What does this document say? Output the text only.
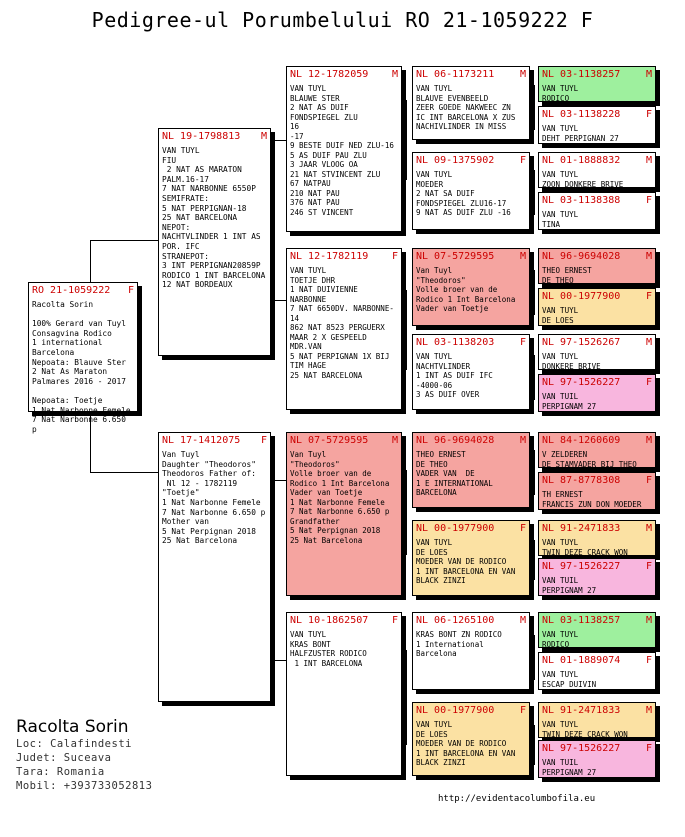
Pedigree-ul Porumbelului RO 21-1059222 F
RO 21-1059222 F
Racolta Sorin

100% Gerard van Tuyl
Consagvina Rodico
1 international
Barcelona
Nepoata: Blauve Ster
2 Nat As Maraton
Palmares 2016 - 2017

Nepoata: Toetje
1 Nat Narbonne Femele
7 Nat Narbonne 6.650 p
NL 19-1798813 M
VAN TUYL
FIU
2 NAT AS MARATON
PALM.16-17
7 NAT NARBONNE 6550P
SEMIFRATE:
5 NAT PERPIGNAN-18
25 NAT BARCELONA
NEPOT:
NACHTVLINDER 1 INT AS
POR. IFC
STRANEPOT:
3 INT PERPIGNAN20859P
RODICO 1 INT BARCELONA
12 NAT BORDEAUX
NL 17-1412075 F
Van Tuyl
Daughter "Theodoros"
Theodoros Father of:
Nl 12 - 1782119
"Toetje"
1 Nat Narbonne Femele
7 Nat Narbonne 6.650 p
Mother van
5 Nat Perpignan 2018
25 Nat Barcelona
NL 12-1782059 M
VAN TUYL
BLAUWE STER
2 NAT AS DUIF
FONDSPIEGEL ZLU
16
-17
9 BESTE DUIF NED ZLU-16
5 AS DUIF PAU ZLU
3 JAAR VLOOG OA
21 NAT STVINCENT ZLU
67 NATPAU
210 NAT PAU
376 NAT PAU
246 ST VINCENT
NL 12-1782119 F
VAN TUYL
TOETJE DHR
1 NAT DUIVIENNE
NARBONNE
7 NAT 6650DV. NARBONNE-
14
862 NAT 8523 PERGUERX
MAAR 2 X GESPEELD
MDR.VAN
5 NAT PERPIGNAN 1X BIJ
TIM HAGE
25 NAT BARCELONA
NL 07-5729595 M
Van Tuyl
"Theodoros"
Volle broer van de
Rodico 1 Int Barcelona
Vader van Toetje
1 Nat Narbonne Femele
7 Nat Narbonne 6.650 p
Grandfather
5 Nat Perpignan 2018
25 Nat Barcelona
NL 10-1862507 F
VAN TUYL
KRAS BONT
HALFZUSTER RODICO
1 INT BARCELONA
NL 06-1173211	M
VAN TUYL
BLAUVE EVENBEELD
ZEER GOEDE NAKWEEC ZN
IC INT BARCELONA X ZUS
NACHIVLINDER IN MISS
NL 09-1375902	F
VAN TUYL
MOEDER
2 NAT SA DUIF
FONDSPIEGEL ZLU16-17
9 NAT AS DUIF ZLU -16
NL 07-5729595	M
Van Tuyl
"Theodoros"
Volle broer van de
Rodico 1 Int Barcelona
Vader van Toetje
NL 03-1138203	F
VAN TUYL
NACHTVLINDER
1 INT AS DUIF IFC
-4000-06
3 AS DUIF OVER
NL 96-9694028	M
THEO ERNEST
DE THEO
VADER VAN  DE
1 E INTERNATIONAL
BARCELONA
NL 00-1977900	F
VAN TUYL
DE LOES
MOEDER VAN DE RODICO
1 INT BARCELONA EN VAN
BLACK ZINZI
NL 06-1265100	M
KRAS BONT ZN RODICO
1 International
Barcelona
NL 00-1977900	F
VAN TUYL
DE LOES
MOEDER VAN DE RODICO
1 INT BARCELONA EN VAN
BLACK ZINZI
NL 03-1138257	M
VAN TUYL
RODICO
NL 03-1138228	F
VAN TUYL
DEHT PERPIGNAN 27
NL 01-1888832	M
VAN TUYL
ZOON DONKERE BRIVE
NL 03-1138388	F
VAN TUYL
TINA
NL 96-9694028	M
THEO ERNEST
DE THEO
NL 00-1977900	F
VAN TUYL
DE LOES
NL 97-1526267	M
VAN TUYL
DONKERE BRIVE
NL 97-1526227	F
VAN TUIL
PERPIGNAM 27
NL 84-1260609	M
V ZELDEREN
DE STAMVADER BIJ THEO
NL 87-8778308	F
TH ERNEST
FRANCIS ZUN DON MOEDER
NL 91-2471833	M
VAN TUYL
TWIN DEZE CRACK WON
NL 97-1526227	F
VAN TUIL
PERPIGNAM 27
NL 03-1138257	M
VAN TUYL
RODICO
NL 01-1889074	F
VAN TUYL
ESCAP DUIVIN
NL 91-2471833	M
VAN TUYL
TWIN DEZE CRACK WON
NL 97-1526227	F
VAN TUIL
PERPIGNAM 27
Racolta Sorin
Loc: Calafindesti
Judet: Suceava
Tara: Romania
Mobil: +393733052813
http://evidentacolumbofila.eu
